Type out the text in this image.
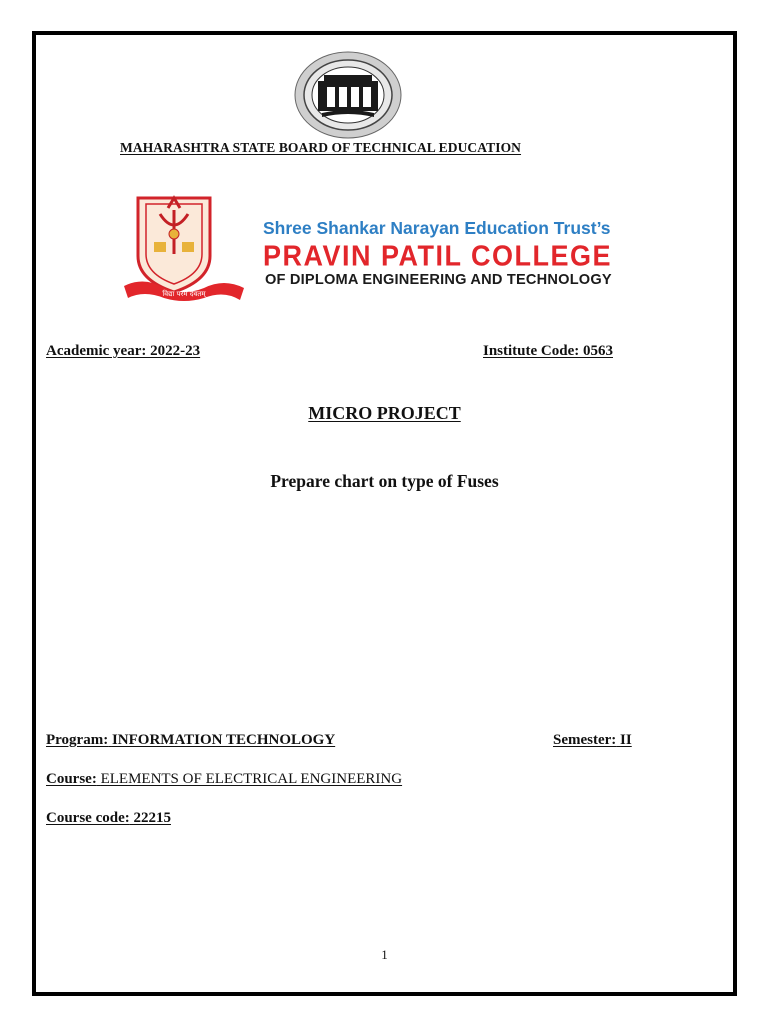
MAHARASHTRA STATE BOARD OF TECHNICAL EDUCATION
विद्या परम दैवतम्
Shree Shankar Narayan Education Trust’s
PRAVIN PATIL COLLEGE
OF DIPLOMA ENGINEERING AND TECHNOLOGY
Academic year: 2022-23	Institute Code: 0563
MICRO PROJECT
Prepare chart on type of Fuses
Program: INFORMATION TECHNOLOGY	Semester: II
Course: ELEMENTS OF ELECTRICAL ENGINEERING
Course code: 22215
1
